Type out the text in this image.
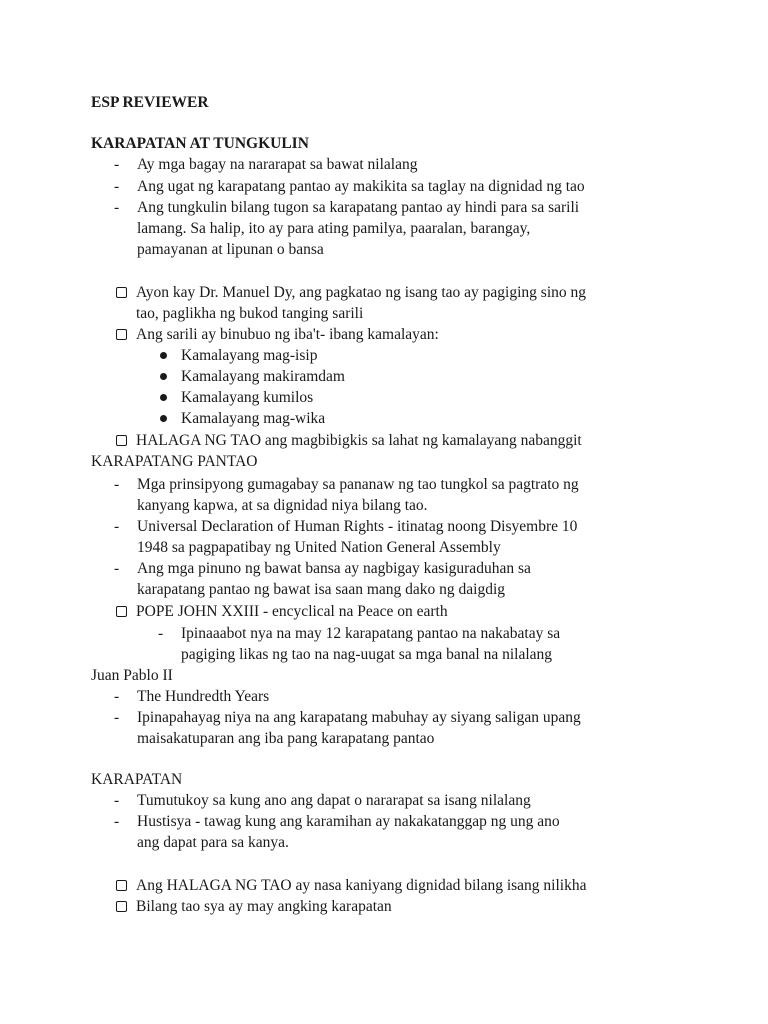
ESP REVIEWER
KARAPATAN AT TUNGKULIN
- Ay mga bagay na nararapat sa bawat nilalang
- Ang ugat ng karapatang pantao ay makikita sa taglay na dignidad ng tao
- Ang tungkulin bilang tugon sa karapatang pantao ay hindi para sa sarili
lamang. Sa halip, ito ay para ating pamilya, paaralan, barangay,
pamayanan at lipunan o bansa
Ayon kay Dr. Manuel Dy, ang pagkatao ng isang tao ay pagiging sino ng
tao, paglikha ng bukod tanging sarili
Ang sarili ay binubuo ng iba't- ibang kamalayan:
Kamalayang mag-isip
Kamalayang makiramdam
Kamalayang kumilos
Kamalayang mag-wika
HALAGA NG TAO ang magbibigkis sa lahat ng kamalayang nabanggit
KARAPATANG PANTAO
- Mga prinsipyong gumagabay sa pananaw ng tao tungkol sa pagtrato ng
kanyang kapwa, at sa dignidad niya bilang tao.
- Universal Declaration of Human Rights - itinatag noong Disyembre 10
1948 sa pagpapatibay ng United Nation General Assembly
- Ang mga pinuno ng bawat bansa ay nagbigay kasiguraduhan sa
karapatang pantao ng bawat isa saan mang dako ng daigdig
POPE JOHN XXIII - encyclical na Peace on earth
- Ipinaaabot nya na may 12 karapatang pantao na nakabatay sa
pagiging likas ng tao na nag-uugat sa mga banal na nilalang
Juan Pablo II
- The Hundredth Years
- Ipinapahayag niya na ang karapatang mabuhay ay siyang saligan upang
maisakatuparan ang iba pang karapatang pantao
KARAPATAN
- Tumutukoy sa kung ano ang dapat o nararapat sa isang nilalang
- Hustisya - tawag kung ang karamihan ay nakakatanggap ng ung ano
ang dapat para sa kanya.
Ang HALAGA NG TAO ay nasa kaniyang dignidad bilang isang nilikha
Bilang tao sya ay may angking karapatan
